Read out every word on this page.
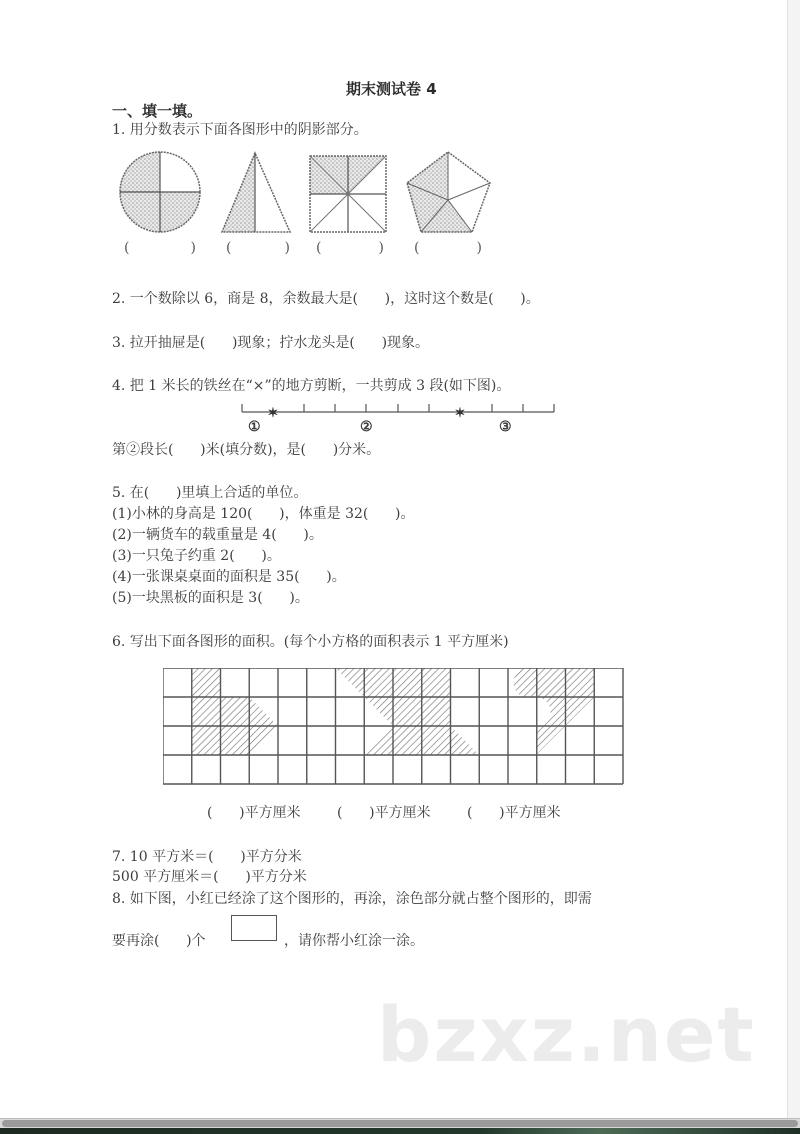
期末测试卷 4
一、填一填。
1. 用分数表示下面各图形中的阴影部分。
(	) (	) (	) (	)
2. 一个数除以 6，商是 8，余数最大是(      )，这时这个数是(      )。
3. 拉开抽屉是(      )现象；拧水龙头是(      )现象。
4. 把 1 米长的铁丝在“×”的地方剪断，一共剪成 3 段(如下图)。
✶	✶
①	②	③
第②段长(      )米(填分数)，是(      )分米。
5. 在(      )里填上合适的单位。
(1)小林的身高是 120(      )，体重是 32(      )。
(2)一辆货车的载重量是 4(      )。
(3)一只兔子约重 2(      )。
(4)一张课桌桌面的面积是 35(      )。
(5)一块黑板的面积是 3(      )。
6. 写出下面各图形的面积。(每个小方格的面积表示 1 平方厘米)
(      )平方厘米	(      )平方厘米	(      )平方厘米
7. 10 平方米＝(      )平方分米
500 平方厘米＝(      )平方分米
8. 如下图，小红已经涂了这个图形的，再涂，涂色部分就占整个图形的，即需
要再涂(      )个	，请你帮小红涂一涂。
bzxz.net
